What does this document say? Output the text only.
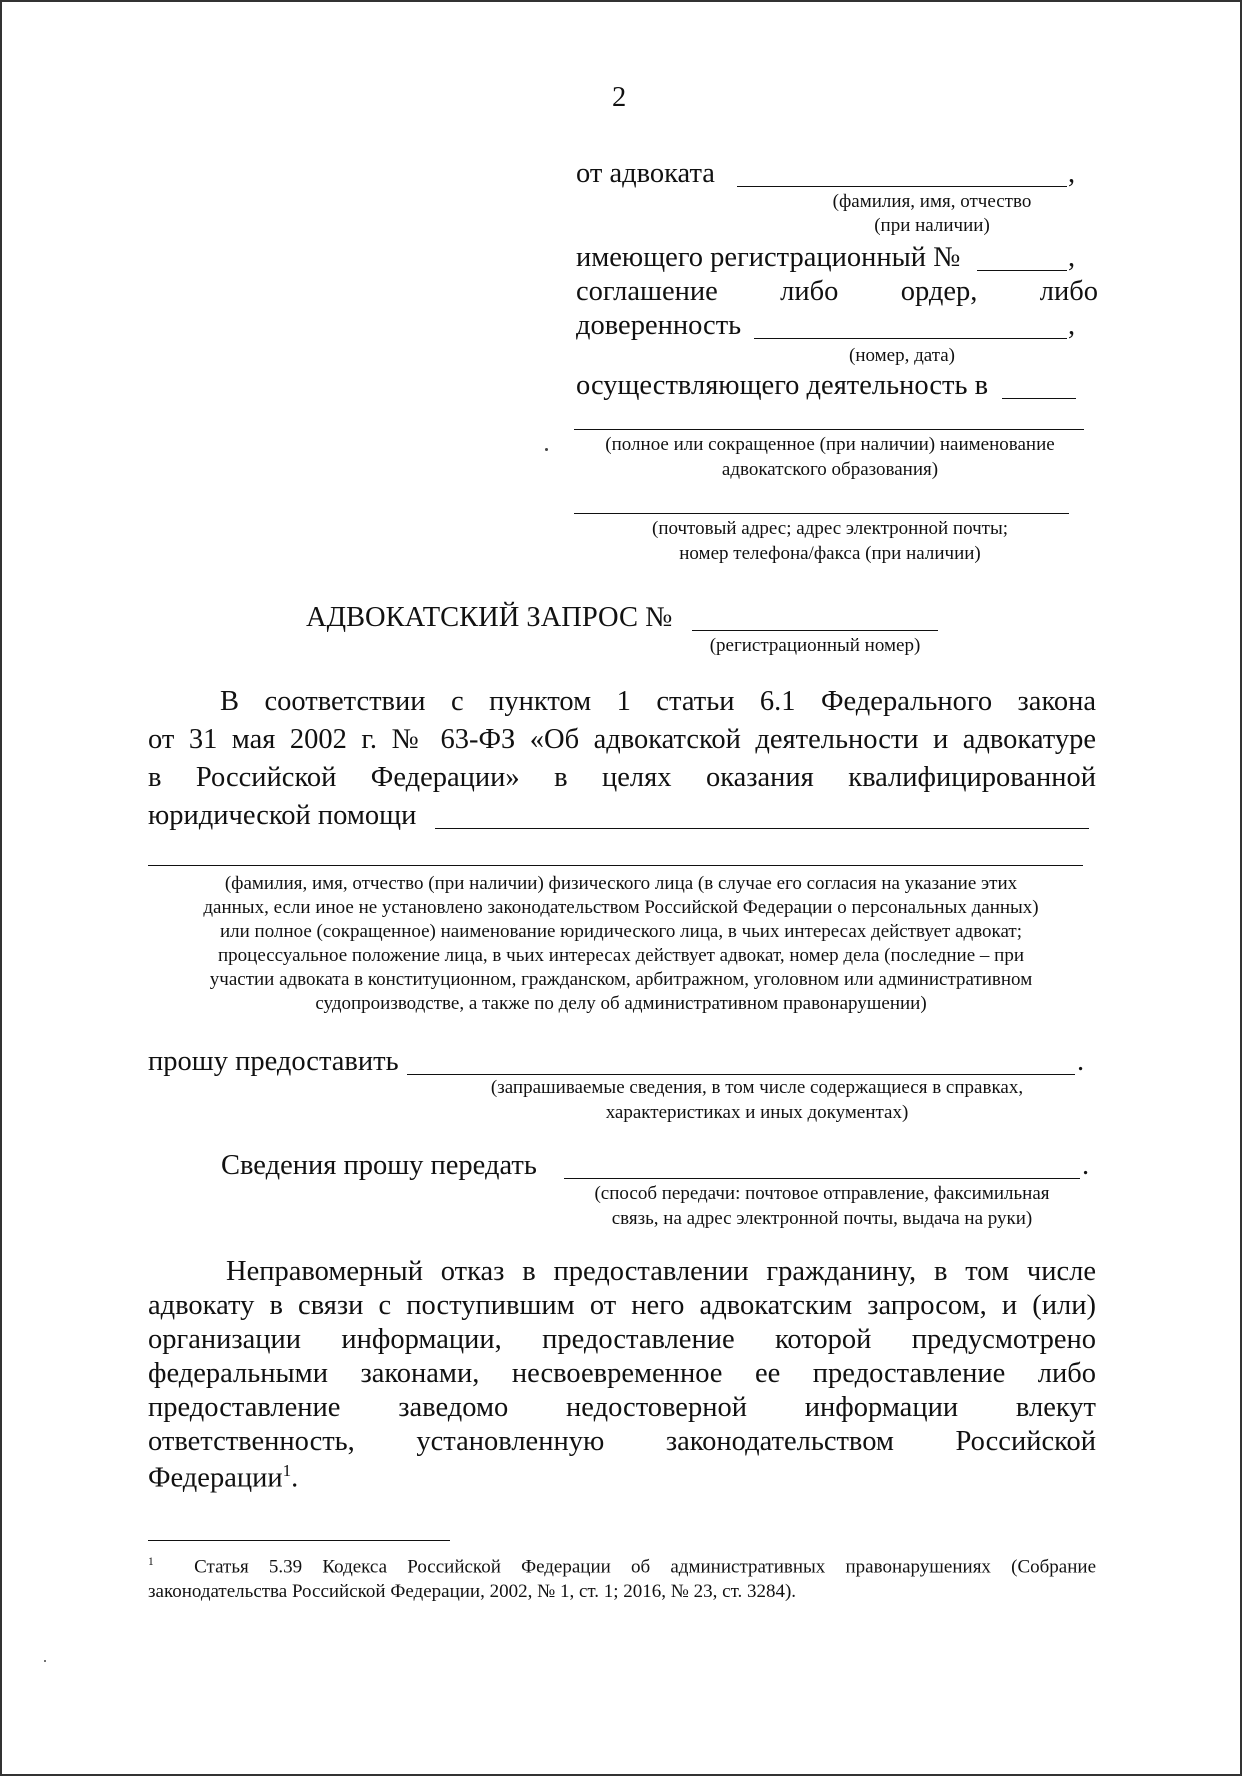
2
от адвоката	,
(фамилия, имя, отчество
(при наличии)
имеющего регистрационный №	,
соглашение либо ордер, либо
доверенность	,
(номер, дата)
осуществляющего деятельность в
(полное или сокращенное (при наличии) наименование
адвокатского образования)
(почтовый адрес; адрес электронной почты;
номер телефона/факса (при наличии)
АДВОКАТСКИЙ ЗАПРОС №
(регистрационный номер)
В соответствии с пунктом 1 статьи 6.1 Федерального закона
от 31 мая 2002 г. № 63-ФЗ «Об адвокатской деятельности и адвокатуре
в Российской Федерации» в целях оказания квалифицированной
юридической помощи
(фамилия, имя, отчество (при наличии) физического лица (в случае его согласия на указание этих
данных, если иное не установлено законодательством Российской Федерации о персональных данных)
или полное (сокращенное) наименование юридического лица, в чьих интересах действует адвокат;
процессуальное положение лица, в чьих интересах действует адвокат, номер дела (последние – при
участии адвоката в конституционном, гражданском, арбитражном, уголовном или административном
судопроизводстве, а также по делу об административном правонарушении)
прошу предоставить	.
(запрашиваемые сведения, в том числе содержащиеся в справках,
характеристиках и иных документах)
Сведения прошу передать	.
(способ передачи: почтовое отправление, факсимильная
связь, на адрес электронной почты, выдача на руки)
Неправомерный отказ в предоставлении гражданину, в том числе
адвокату в связи с поступившим от него адвокатским запросом, и (или)
организации информации, предоставление которой предусмотрено
федеральными законами, несвоевременное ее предоставление либо
предоставление заведомо недостоверной информации влекут
ответственность, установленную законодательством Российской
Федерации$^1$.
$^1$ Статья 5.39 Кодекса Российской Федерации об административных правонарушениях (Собрание
законодательства Российской Федерации, 2002, № 1, ст. 1; 2016, № 23, ст. 3284).
